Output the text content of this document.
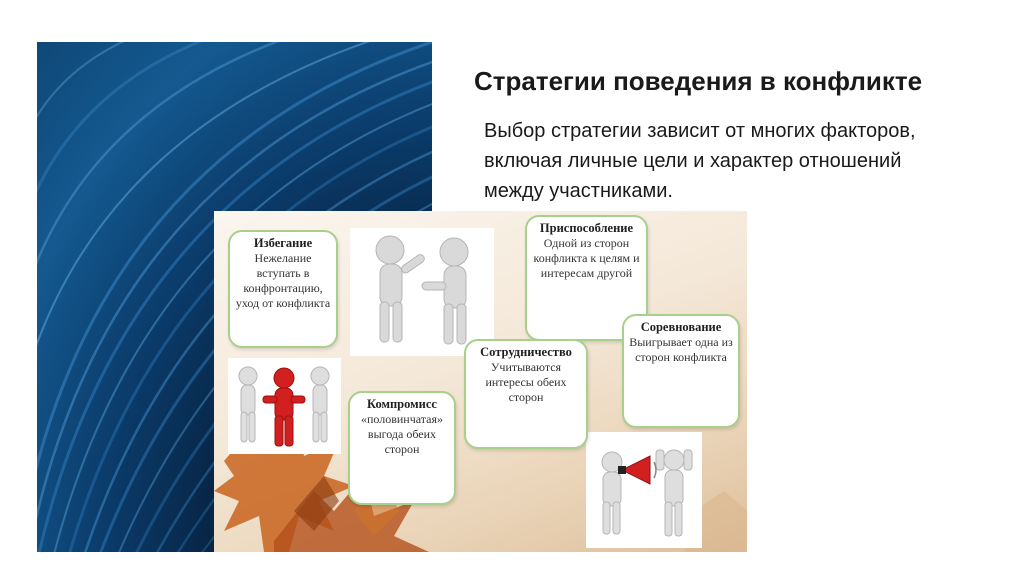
Стратегии поведения в конфликте
Выбор стратегии зависит от многих факторов, включая личные цели и характер отношений между участниками.
Избегание
Нежелание вступать в конфронтацию, уход от конфликта
Приспособление
Одной из сторон конфликта к целям и интересам другой
Сотрудничество
Учитываются интересы обеих сторон
Соревнование
Выигрывает одна из сторон конфликта
Компромисс
«половинчатая» выгода обеих сторон
